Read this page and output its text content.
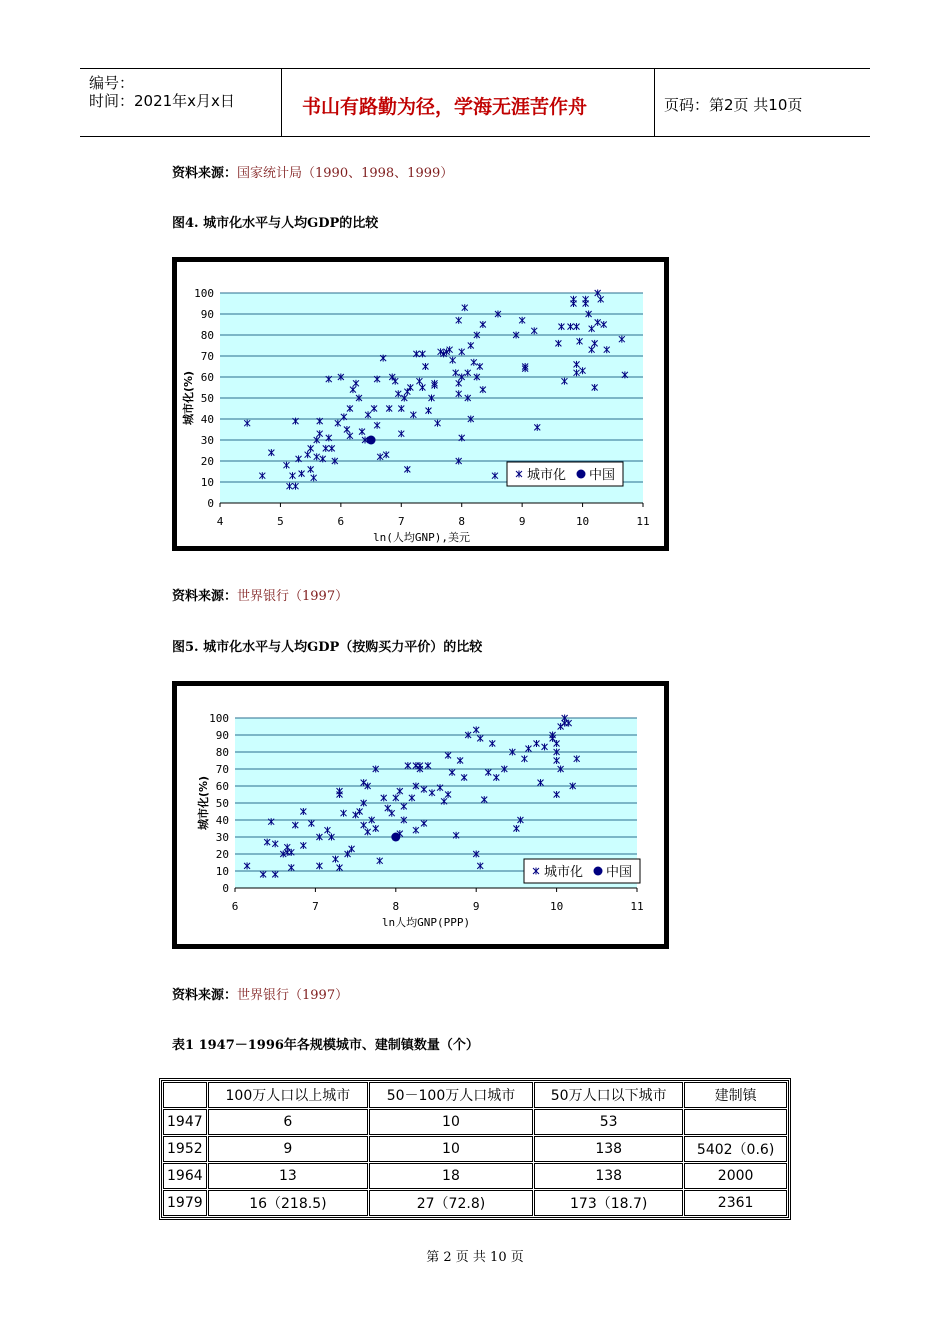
编号：
时间：2021年x月x日	书山有路勤为径，学海无涯苦作舟	页码：第2页 共10页
资料来源：国家统计局（1990、1998、1999）
图4. 城市化水平与人均GDP的比较
0
10
20
30
40
50
60
70
80
90
100
4	5	6	7	8	9	10	11
ln(人均GNP),美元
城市化(%)
城市化 中国
资料来源：世界银行（1997）
图5. 城市化水平与人均GDP（按购买力平价）的比较
0
10
20
30
40
50
60
70
80
90
100
6	7	8	9	10	11
ln人均GNP(PPP)
城市化(%)
城市化 中国
资料来源：世界银行（1997）
表1 1947－1996年各规模城市、建制镇数量（个）
	100万人口以上城市	50－100万人口城市	50万人口以下城市	建制镇
1947	6	10	53	
1952	9	10	138	5402（0.6)
1964	13	18	138	2000
1979	16（218.5)	27（72.8)	173（18.7)	2361
第 2 页 共 10 页
